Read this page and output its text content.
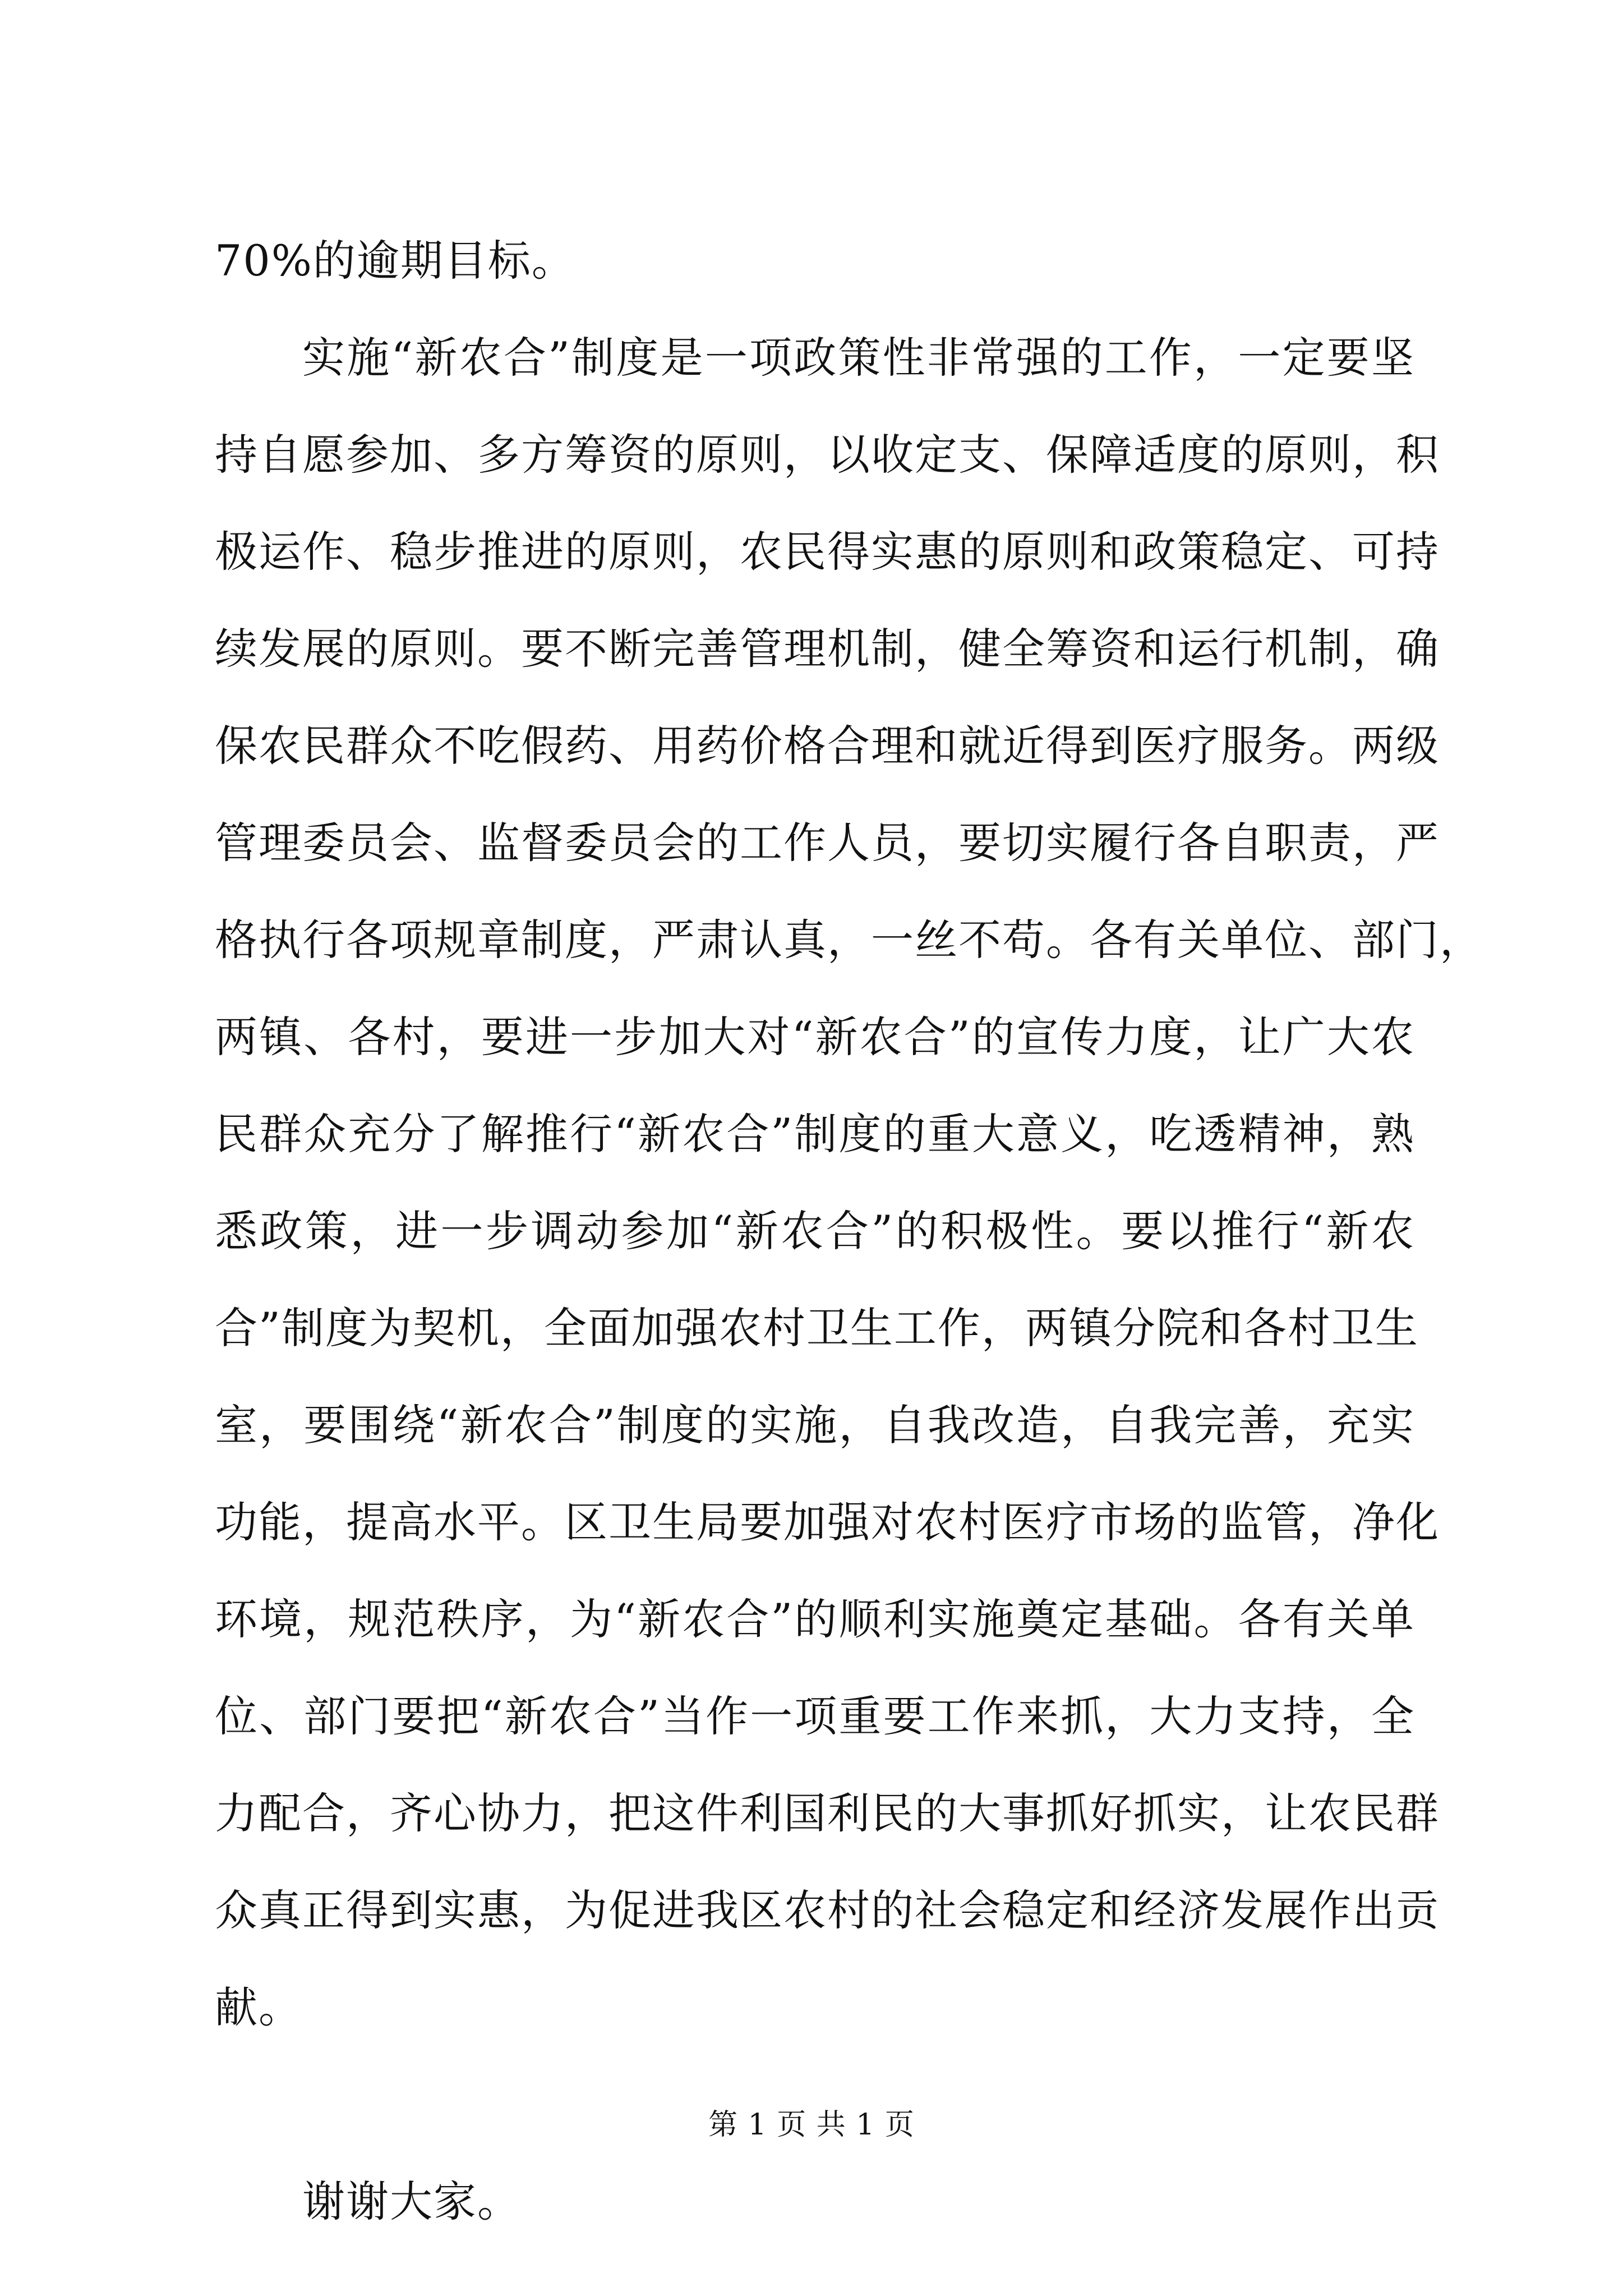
70%的逾期目标。
实施“新农合”制度是一项政策性非常强的工作，一定要坚
持自愿参加、多方筹资的原则，以收定支、保障适度的原则，积
极运作、稳步推进的原则，农民得实惠的原则和政策稳定、可持
续发展的原则。要不断完善管理机制，健全筹资和运行机制，确
保农民群众不吃假药、用药价格合理和就近得到医疗服务。两级
管理委员会、监督委员会的工作人员，要切实履行各自职责，严
格执行各项规章制度，严肃认真，一丝不苟。各有关单位、部门，
两镇、各村，要进一步加大对“新农合”的宣传力度，让广大农
民群众充分了解推行“新农合”制度的重大意义，吃透精神，熟
悉政策，进一步调动参加“新农合”的积极性。要以推行“新农
合”制度为契机，全面加强农村卫生工作，两镇分院和各村卫生
室，要围绕“新农合”制度的实施，自我改造，自我完善，充实
功能，提高水平。区卫生局要加强对农村医疗市场的监管，净化
环境，规范秩序，为“新农合”的顺利实施奠定基础。各有关单
位、部门要把“新农合”当作一项重要工作来抓，大力支持，全
力配合，齐心协力，把这件利国利民的大事抓好抓实，让农民群
众真正得到实惠，为促进我区农村的社会稳定和经济发展作出贡
献。
谢谢大家。
第 1 页 共 1 页
